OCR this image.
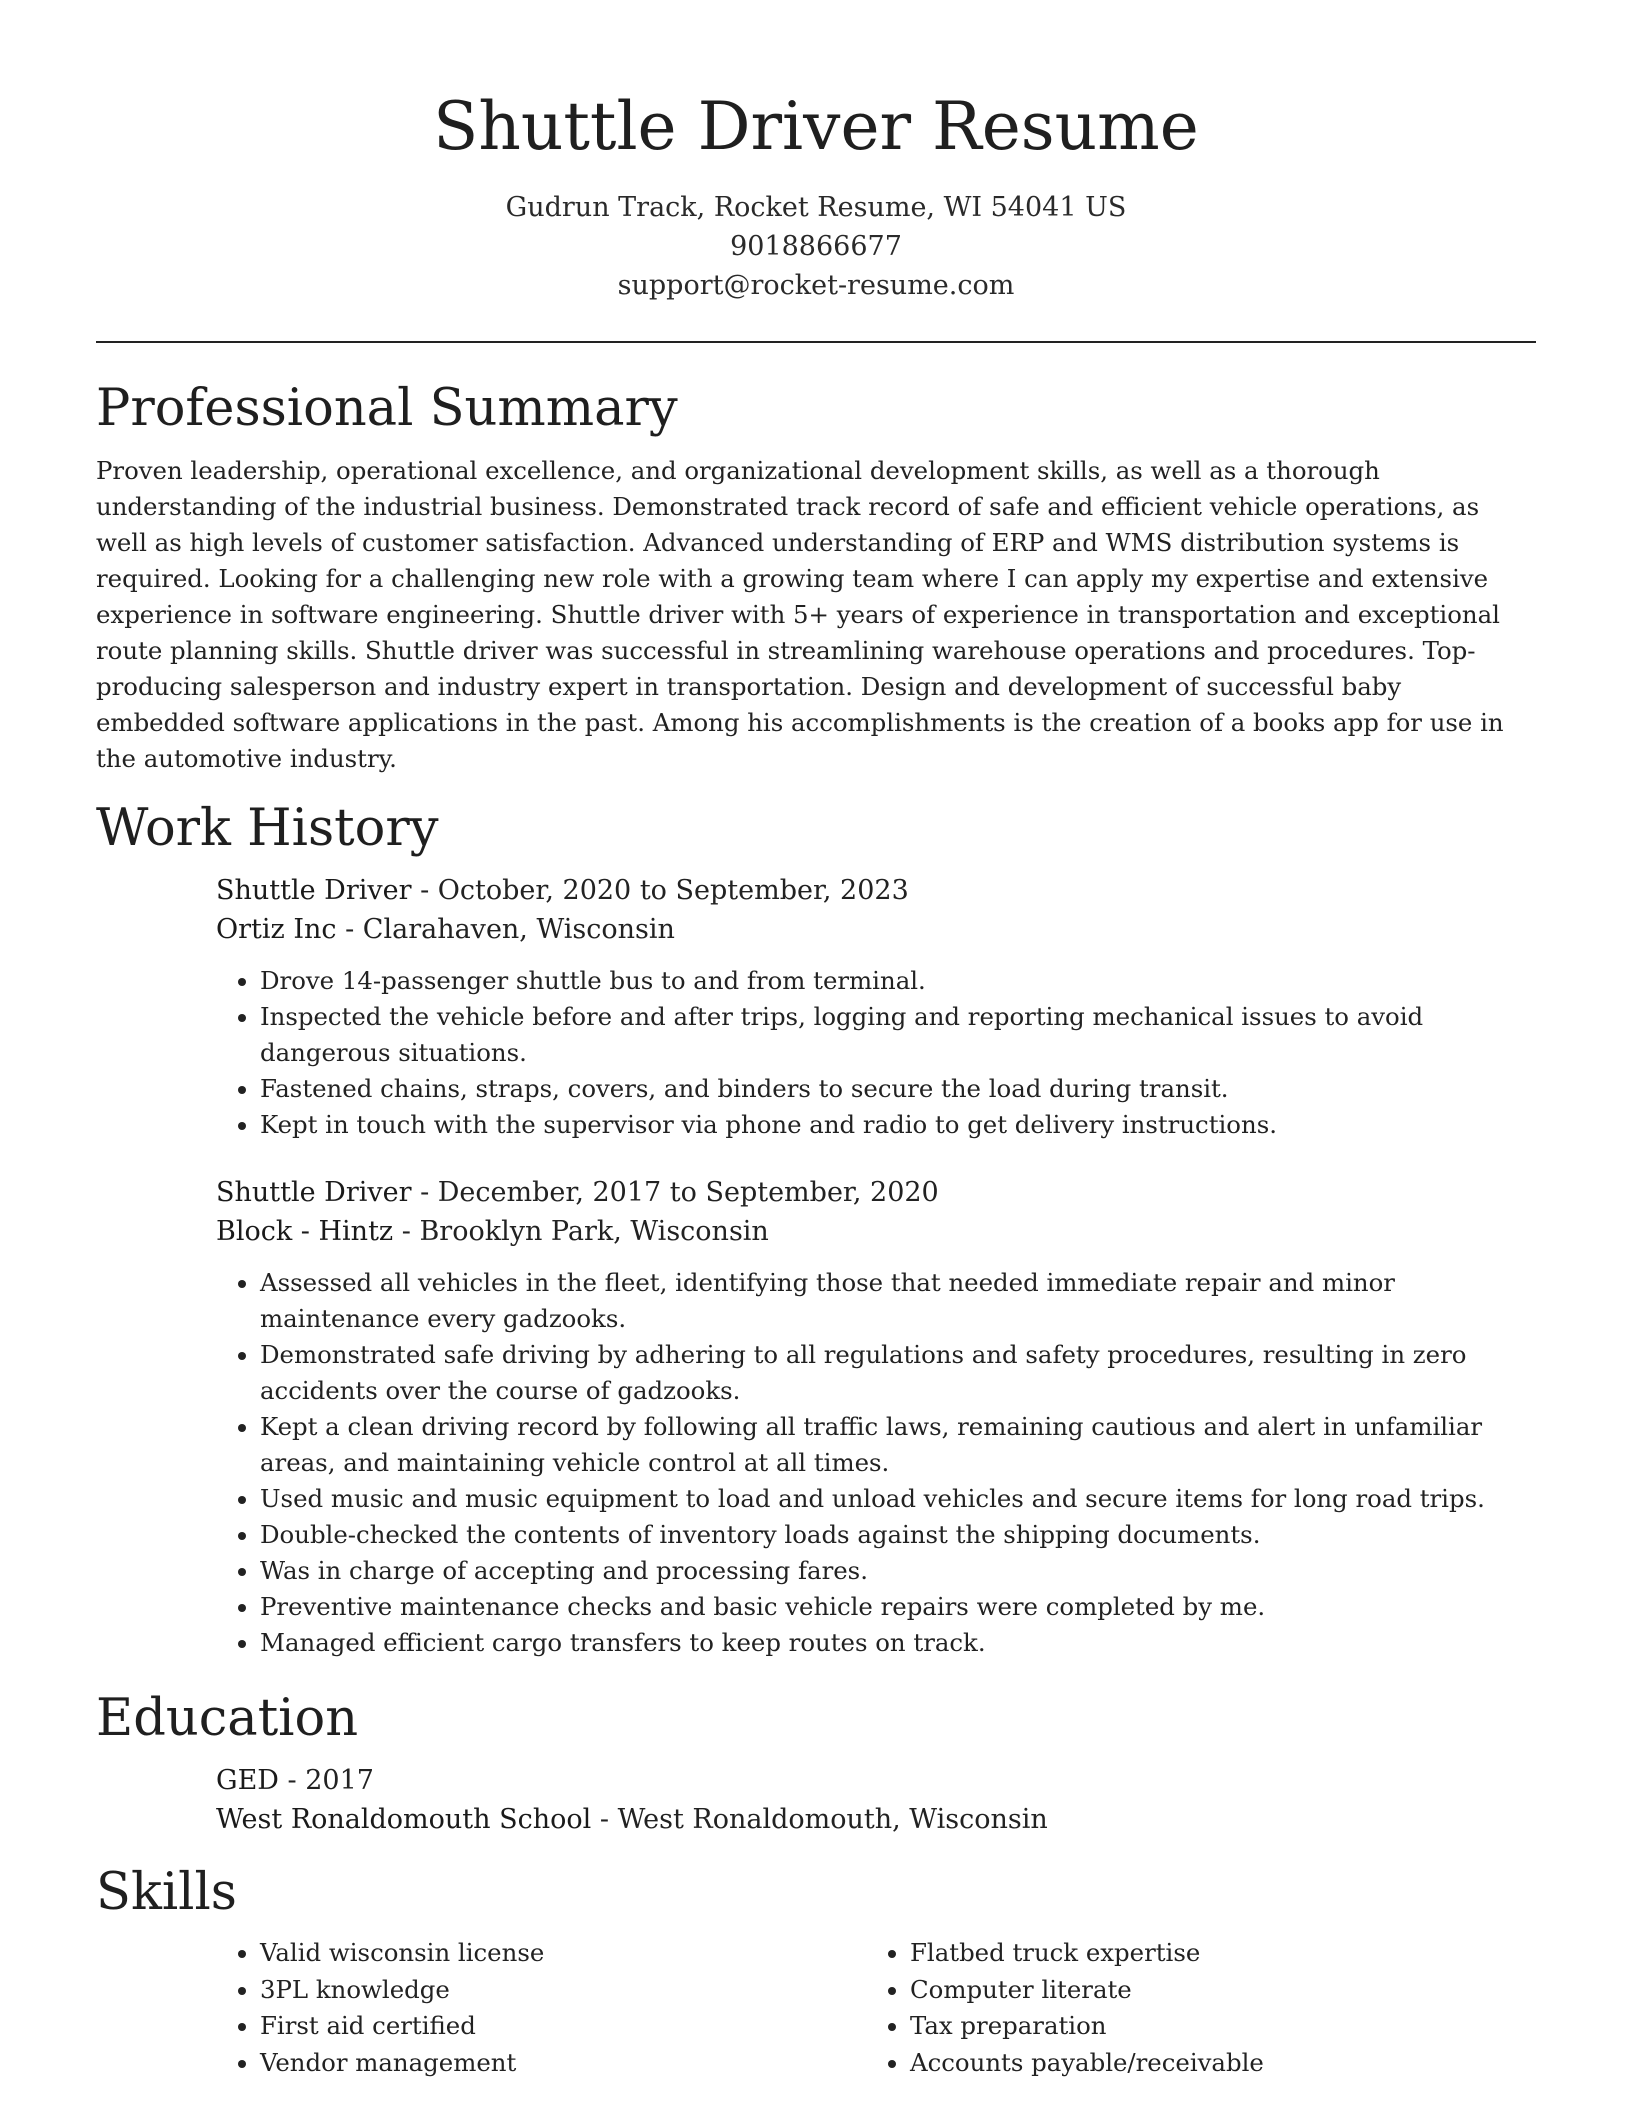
Shuttle Driver Resume
Gudrun Track, Rocket Resume, WI 54041 US
9018866677
support@rocket-resume.com
Professional Summary

Proven leadership, operational excellence, and organizational development skills, as well as a thorough understanding of the industrial business. Demonstrated track record of safe and efficient vehicle operations, as well as high levels of customer satisfaction. Advanced understanding of ERP and WMS distribution systems is required. Looking for a challenging new role with a growing team where I can apply my expertise and extensive experience in software engineering. Shuttle driver with 5+ years of experience in transportation and exceptional route planning skills. Shuttle driver was successful in streamlining warehouse operations and procedures. Top-producing salesperson and industry expert in transportation. Design and development of successful baby embedded software applications in the past. Among his accomplishments is the creation of a books app for use in the automotive industry.

Work History
Shuttle Driver - October, 2020 to September, 2023
Ortiz Inc - Clarahaven, Wisconsin
• Drove 14-passenger shuttle bus to and from terminal.
• Inspected the vehicle before and after trips, logging and reporting mechanical issues to avoid dangerous situations.
• Fastened chains, straps, covers, and binders to secure the load during transit.
• Kept in touch with the supervisor via phone and radio to get delivery instructions.
Shuttle Driver - December, 2017 to September, 2020
Block - Hintz - Brooklyn Park, Wisconsin
• Assessed all vehicles in the fleet, identifying those that needed immediate repair and minor maintenance every gadzooks.
• Demonstrated safe driving by adhering to all regulations and safety procedures, resulting in zero accidents over the course of gadzooks.
• Kept a clean driving record by following all traffic laws, remaining cautious and alert in unfamiliar areas, and maintaining vehicle control at all times.
• Used music and music equipment to load and unload vehicles and secure items for long road trips.
• Double-checked the contents of inventory loads against the shipping documents.
• Was in charge of accepting and processing fares.
• Preventive maintenance checks and basic vehicle repairs were completed by me.
• Managed efficient cargo transfers to keep routes on track.
Education
GED - 2017
West Ronaldomouth School - West Ronaldomouth, Wisconsin
Skills
• Valid wisconsin license
• 3PL knowledge
• First aid certified
• Vendor management
• Flatbed truck expertise
• Computer literate
• Tax preparation
• Accounts payable/receivable
